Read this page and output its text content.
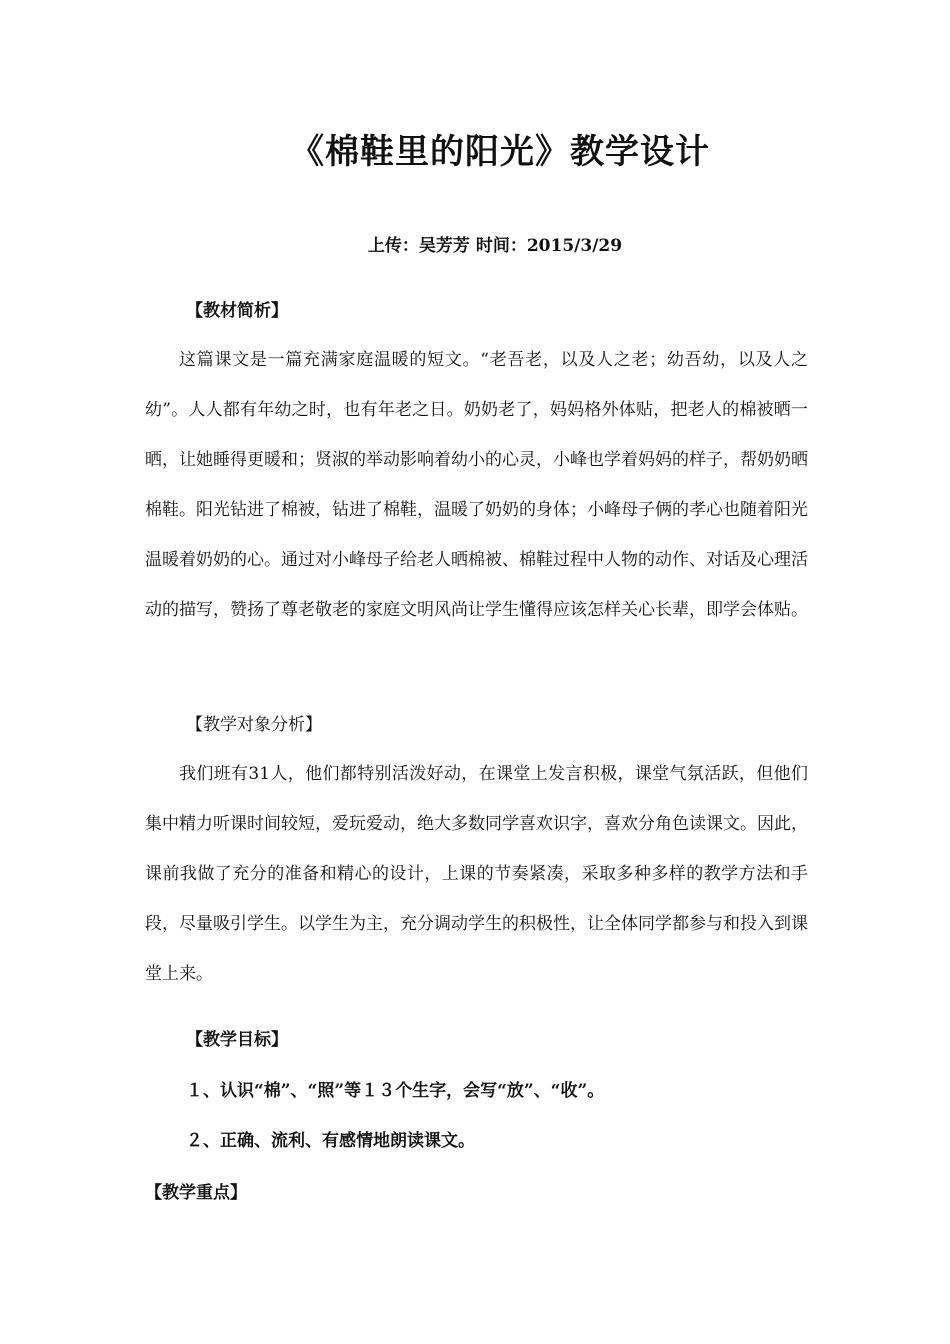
《棉鞋里的阳光》教学设计
上传：吴芳芳 时间：2015/3/29
【教材简析】

这篇课文是一篇充满家庭温暖的短文。“老吾老，以及人之老；幼吾幼，以及人之幼”。人人都有年幼之时，也有年老之日。奶奶老了，妈妈格外体贴，把老人的棉被晒一晒，让她睡得更暖和；贤淑的举动影响着幼小的心灵，小峰也学着妈妈的样子，帮奶奶晒棉鞋。阳光钻进了棉被，钻进了棉鞋，温暖了奶奶的身体；小峰母子俩的孝心也随着阳光温暖着奶奶的心。通过对小峰母子给老人晒棉被、棉鞋过程中人物的动作、对话及心理活动的描写，赞扬了尊老敬老的家庭文明风尚让学生懂得应该怎样关心长辈，即学会体贴。

【教学对象分析】

我们班有31人，他们都特别活泼好动，在课堂上发言积极，课堂气氛活跃，但他们集中精力听课时间较短，爱玩爱动，绝大多数同学喜欢识字，喜欢分角色读课文。因此，课前我做了充分的准备和精心的设计，上课的节奏紧凑，采取多种多样的教学方法和手段，尽量吸引学生。以学生为主，充分调动学生的积极性，让全体同学都参与和投入到课堂上来。

【教学目标】
１、认识“棉”、“照”等１３个生字，会写“放”、“收”。
２、正确、流利、有感情地朗读课文。
【教学重点】
